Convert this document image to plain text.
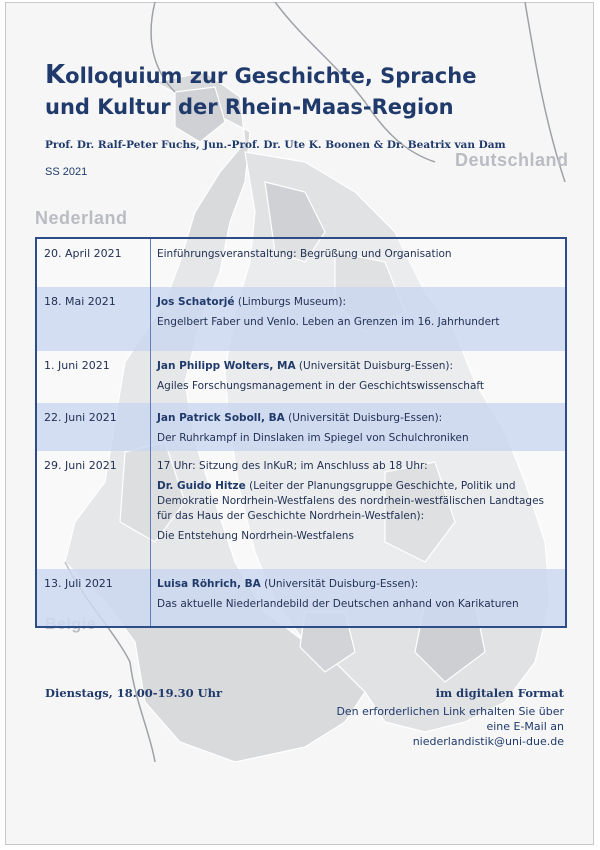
Deutschland
Nederland
Kolloquium zur Geschichte, Sprache
und Kultur der Rhein-Maas-Region
Prof. Dr. Ralf-Peter Fuchs, Jun.-Prof. Dr. Ute K. Boonen & Dr. Beatrix van Dam
SS 2021
20. April 2021	Einführungsveranstaltung: Begrüßung und Organisation

18. Mai 2021	Jos Schatorjé (Limburgs Museum):

Engelbert Faber und Venlo. Leben an Grenzen im 16. Jahrhundert

1. Juni 2021	Jan Philipp Wolters, MA (Universität Duisburg-Essen):

Agiles Forschungsmanagement in der Geschichtswissenschaft

22. Juni 2021	Jan Patrick Soboll, BA (Universität Duisburg-Essen):

Der Ruhrkampf in Dinslaken im Spiegel von Schulchroniken

29. Juni 2021	17 Uhr: Sitzung des InKuR; im Anschluss ab 18 Uhr:

Dr. Guido Hitze (Leiter der Planungsgruppe Geschichte, Politik und Demokratie Nordrhein-Westfalens des nordrhein-westfälischen Landtages für das Haus der Geschichte Nordrhein-Westfalen):

Die Entstehung Nordrhein-Westfalens

13. Juli 2021	Luisa Röhrich, BA (Universität Duisburg-Essen):

Das aktuelle Niederlandebild der Deutschen anhand von Karikaturen

Dienstags, 18.00-19.30 Uhr	im digitalen Format
Den erforderlichen Link erhalten Sie über
eine E-Mail an
niederlandistik@uni-due.de
